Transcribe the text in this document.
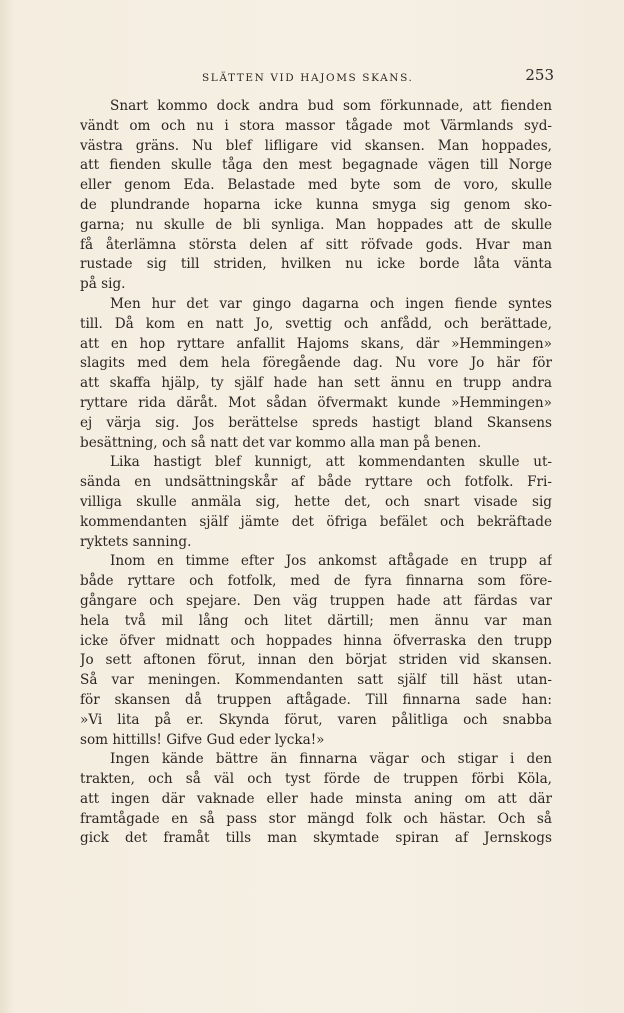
SLÄTTEN VID HAJOMS SKANS.	253
Snart kommo dock andra bud som förkunnade, att fienden
vändt om och nu i stora massor tågade mot Värmlands syd-
västra gräns. Nu blef lifligare vid skansen. Man hoppades,
att fienden skulle tåga den mest begagnade vägen till Norge
eller genom Eda. Belastade med byte som de voro, skulle
de plundrande hoparna icke kunna smyga sig genom sko-
garna; nu skulle de bli synliga. Man hoppades att de skulle
få återlämna största delen af sitt röfvade gods. Hvar man
rustade sig till striden, hvilken nu icke borde låta vänta
på sig.
Men hur det var gingo dagarna och ingen fiende syntes
till. Då kom en natt Jo, svettig och anfådd, och berättade,
att en hop ryttare anfallit Hajoms skans, där »Hemmingen»
slagits med dem hela föregående dag. Nu vore Jo här för
att skaffa hjälp, ty själf hade han sett ännu en trupp andra
ryttare rida däråt. Mot sådan öfvermakt kunde »Hemmingen»
ej värja sig. Jos berättelse spreds hastigt bland Skansens
besättning, och så natt det var kommo alla man på benen.
Lika hastigt blef kunnigt, att kommendanten skulle ut-
sända en undsättningskår af både ryttare och fotfolk. Fri-
villiga skulle anmäla sig, hette det, och snart visade sig
kommendanten själf jämte det öfriga befälet och bekräftade
ryktets sanning.
Inom en timme efter Jos ankomst aftågade en trupp af
både ryttare och fotfolk, med de fyra finnarna som före-
gångare och spejare. Den väg truppen hade att färdas var
hela två mil lång och litet därtill; men ännu var man
icke öfver midnatt och hoppades hinna öfverraska den trupp
Jo sett aftonen förut, innan den börjat striden vid skansen.
Så var meningen. Kommendanten satt själf till häst utan-
för skansen då truppen aftågade. Till finnarna sade han:
»Vi lita på er. Skynda förut, varen pålitliga och snabba
som hittills! Gifve Gud eder lycka!»
Ingen kände bättre än finnarna vägar och stigar i den
trakten, och så väl och tyst förde de truppen förbi Köla,
att ingen där vaknade eller hade minsta aning om att där
framtågade en så pass stor mängd folk och hästar. Och så
gick det framåt tills man skymtade spiran af Jernskogs
